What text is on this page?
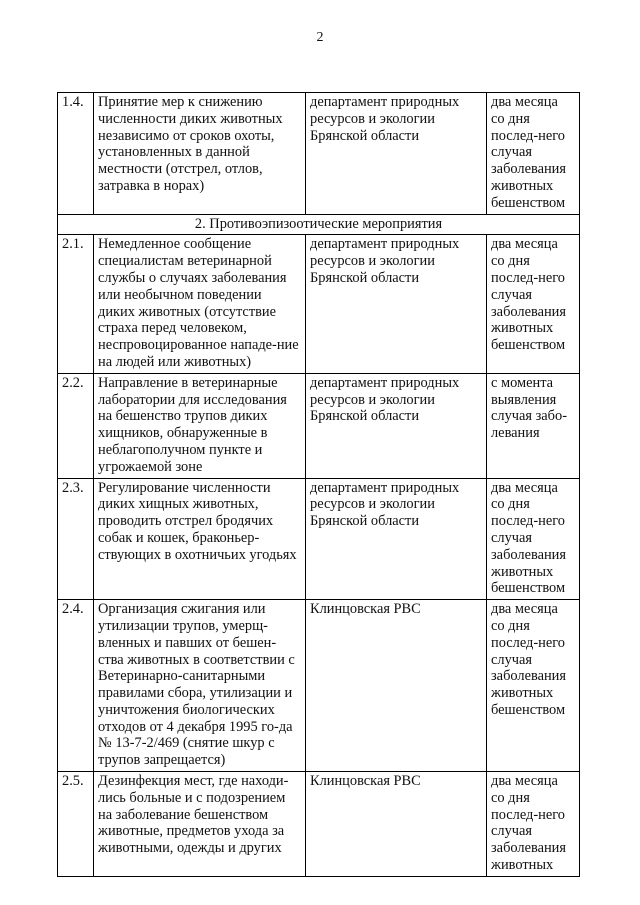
2
1.4.	Принятие мер к снижению численности диких животных независимо от сроков охоты, установленных в данной местности (отстрел, отлов, затравка в норах)	департамент природных ресурсов и экологии Брянской области	два месяца со дня послед-него случая заболевания животных бешенством
2. Противоэпизоотические мероприятия			
2.1.	Немедленное сообщение специалистам ветеринарной службы о случаях заболевания или необычном поведении диких животных (отсутствие страха перед человеком, неспровоцированное нападе-ние на людей или животных)	департамент природных ресурсов и экологии Брянской области	два месяца со дня послед-него случая заболевания животных бешенством
2.2.	Направление в ветеринарные лаборатории для исследования на бешенство трупов диких хищников, обнаруженные в неблагополучном пункте и угрожаемой зоне	департамент природных ресурсов и экологии Брянской области	с момента выявления случая забо-левания
2.3.	Регулирование численности диких хищных животных, проводить отстрел бродячих собак и кошек, браконьер-ствующих в охотничьих угодьях	департамент природных ресурсов и экологии Брянской области	два месяца со дня послед-него случая заболевания животных бешенством
2.4.	Организация сжигания или утилизации трупов, умерщ-вленных и павших от бешен-ства животных в соответствии с Ветеринарно-санитарными правилами сбора, утилизации и уничтожения биологических отходов от 4 декабря 1995 го-да № 13-7-2/469 (снятие шкур с трупов запрещается)	Клинцовская РВС	два месяца со дня послед-него случая заболевания животных бешенством
2.5.	Дезинфекция мест, где находи-лись больные и с подозрением на заболевание бешенством животные, предметов ухода за животными, одежды и других	Клинцовская РВС	два месяца со дня послед-него случая заболевания животных
